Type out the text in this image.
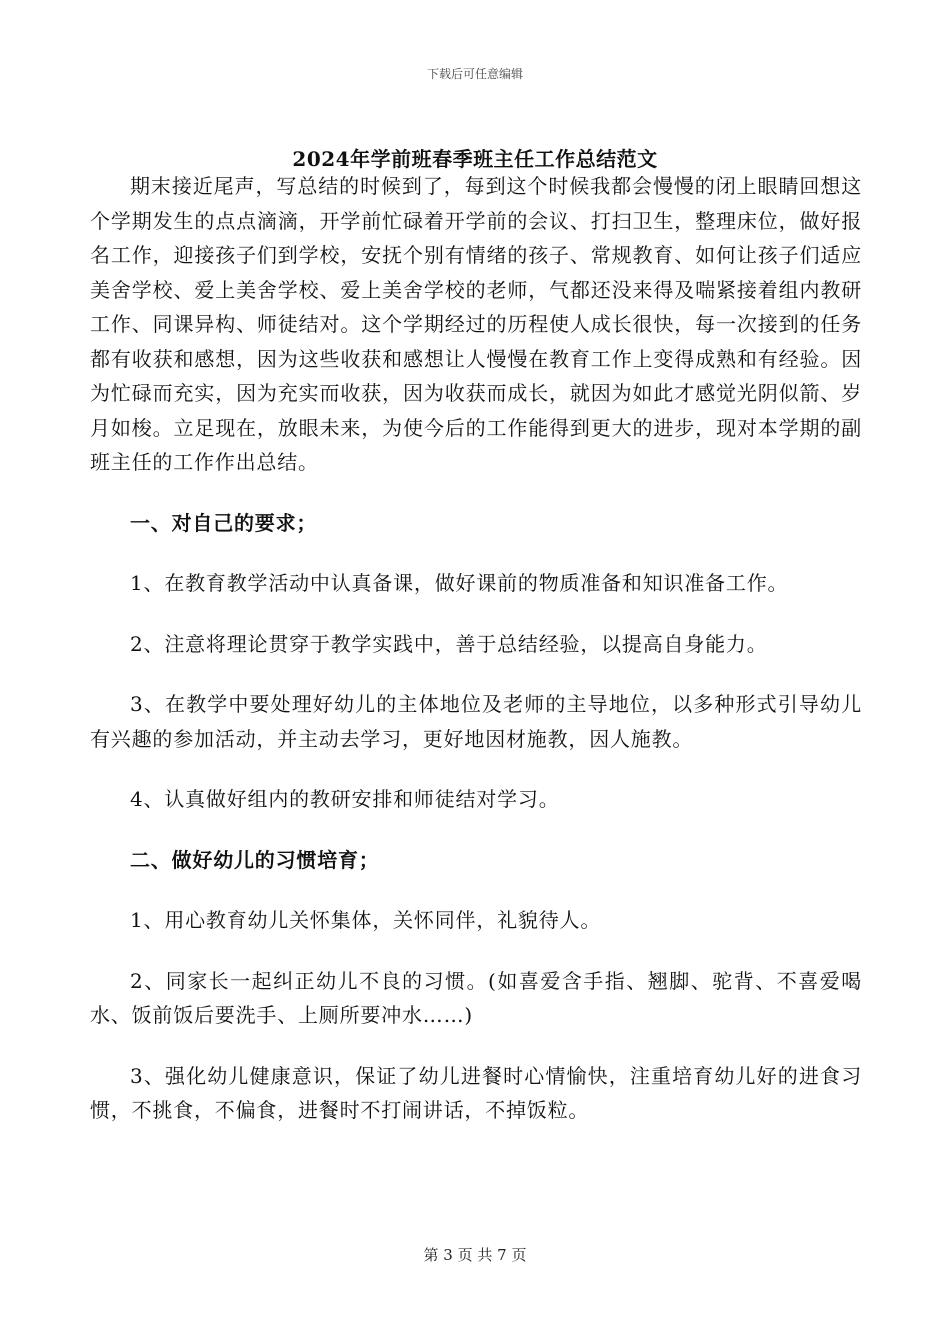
下载后可任意编辑
2024年学前班春季班主任工作总结范文

期末接近尾声，写总结的时候到了，每到这个时候我都会慢慢的闭上眼睛回想这个学期发生的点点滴滴，开学前忙碌着开学前的会议、打扫卫生，整理床位，做好报名工作，迎接孩子们到学校，安抚个别有情绪的孩子、常规教育、如何让孩子们适应美舍学校、爱上美舍学校、爱上美舍学校的老师，气都还没来得及喘紧接着组内教研工作、同课异构、师徒结对。这个学期经过的历程使人成长很快，每一次接到的任务都有收获和感想，因为这些收获和感想让人慢慢在教育工作上变得成熟和有经验。因为忙碌而充实，因为充实而收获，因为收获而成长，就因为如此才感觉光阴似箭、岁月如梭。立足现在，放眼未来，为使今后的工作能得到更大的进步，现对本学期的副班主任的工作作出总结。

一、对自己的要求；

1、在教育教学活动中认真备课，做好课前的物质准备和知识准备工作。

2、注意将理论贯穿于教学实践中，善于总结经验，以提高自身能力。

3、在教学中要处理好幼儿的主体地位及老师的主导地位，以多种形式引导幼儿有兴趣的参加活动，并主动去学习，更好地因材施教，因人施教。

4、认真做好组内的教研安排和师徒结对学习。

二、做好幼儿的习惯培育；

1、用心教育幼儿关怀集体，关怀同伴，礼貌待人。

2、同家长一起纠正幼儿不良的习惯。(如喜爱含手指、翘脚、驼背、不喜爱喝水、饭前饭后要洗手、上厕所要冲水……)

3、强化幼儿健康意识，保证了幼儿进餐时心情愉快，注重培育幼儿好的进食习惯，不挑食，不偏食，进餐时不打闹讲话，不掉饭粒。

第 3 页 共 7 页
